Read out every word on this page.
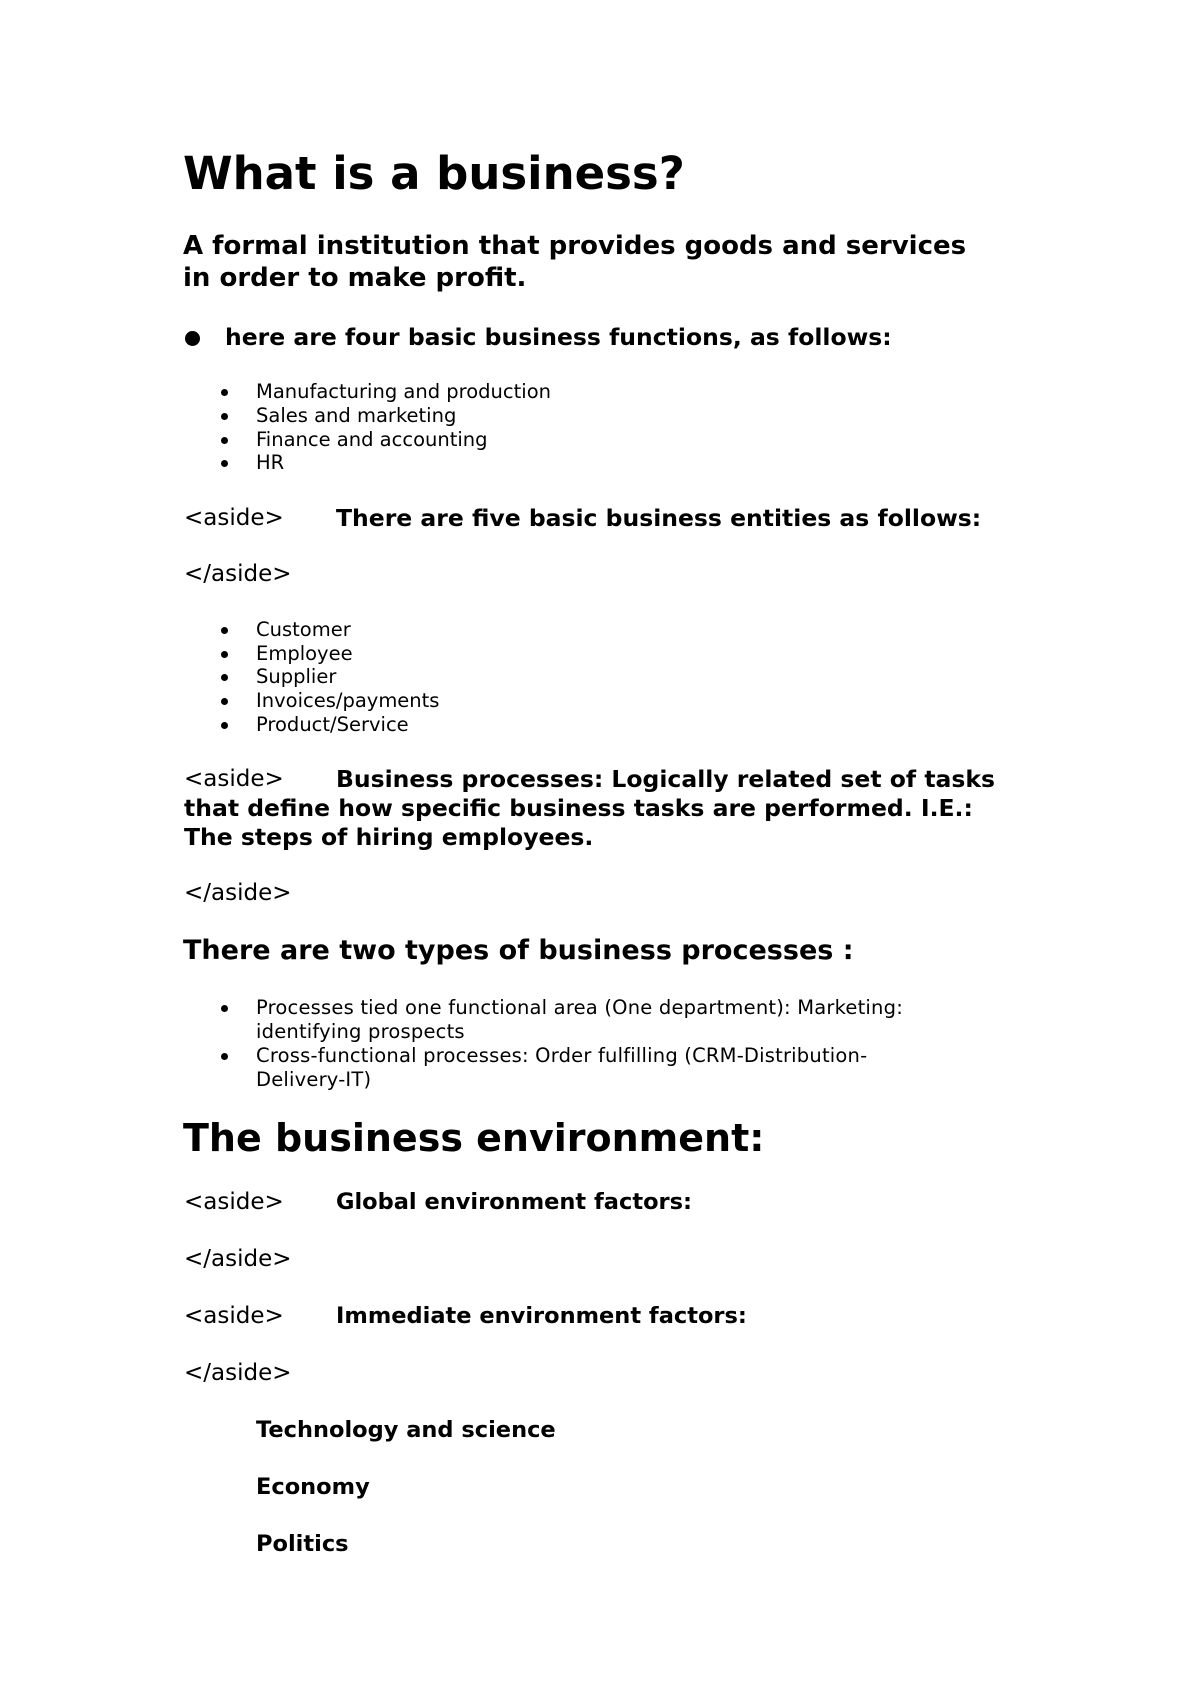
What is a business?
A formal institution that provides goods and services
in order to make profit.
here are four basic business functions, as follows:
Manufacturing and production
Sales and marketing
Finance and accounting
HR
<aside> There are five basic business entities as follows:
</aside>
Customer
Employee
Supplier
Invoices/payments
Product/Service
<aside> Business processes: Logically related set of tasks
that define how specific business tasks are performed. I.E.:
The steps of hiring employees.
</aside>
There are two types of business processes :
Processes tied one functional area (One department): Marketing:
identifying prospects
Cross-functional processes: Order fulfilling (CRM-Distribution-
Delivery-IT)
The business environment:
<aside> Global environment factors:
</aside>
<aside> Immediate environment factors:
</aside>
Technology and science
Economy
Politics
